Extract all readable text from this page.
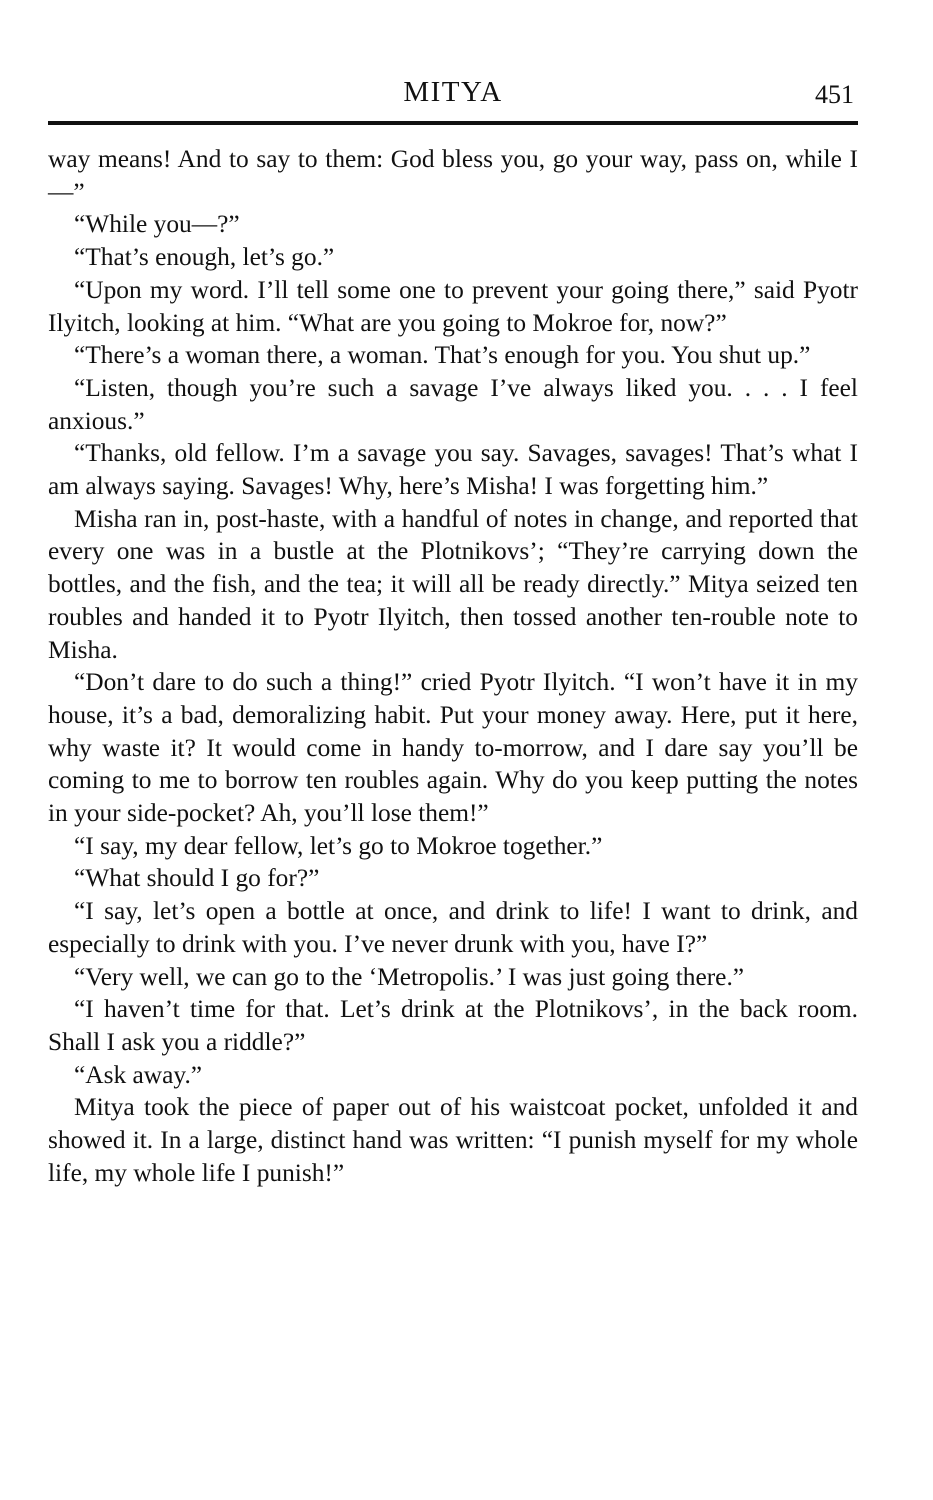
MITYA	451

way means! And to say to them: God bless you, go your way, pass on, while I—”

“While you—?”

“That’s enough, let’s go.”

“Upon my word. I’ll tell some one to prevent your going there,” said Pyotr Ilyitch, looking at him. “What are you going to Mokroe for, now?”

“There’s a woman there, a woman. That’s enough for you. You shut up.”

“Listen, though you’re such a savage I’ve always liked you. . . . I feel anxious.”

“Thanks, old fellow. I’m a savage you say. Savages, savages! That’s what I am always saying. Savages! Why, here’s Misha! I was forgetting him.”

Misha ran in, post-haste, with a handful of notes in change, and reported that every one was in a bustle at the Plotnikovs’; “They’re carrying down the bottles, and the fish, and the tea; it will all be ready directly.” Mitya seized ten roubles and handed it to Pyotr Ilyitch, then tossed another ten-rouble note to Misha.

“Don’t dare to do such a thing!” cried Pyotr Ilyitch. “I won’t have it in my house, it’s a bad, demoralizing habit. Put your money away. Here, put it here, why waste it? It would come in handy to-morrow, and I dare say you’ll be coming to me to borrow ten roubles again. Why do you keep putting the notes in your side-pocket? Ah, you’ll lose them!”

“I say, my dear fellow, let’s go to Mokroe together.”

“What should I go for?”

“I say, let’s open a bottle at once, and drink to life! I want to drink, and especially to drink with you. I’ve never drunk with you, have I?”

“Very well, we can go to the ‘Metropolis.’ I was just going there.”

“I haven’t time for that. Let’s drink at the Plotnikovs’, in the back room. Shall I ask you a riddle?”

“Ask away.”

Mitya took the piece of paper out of his waistcoat pocket, unfolded it and showed it. In a large, distinct hand was written: “I punish myself for my whole life, my whole life I punish!”
